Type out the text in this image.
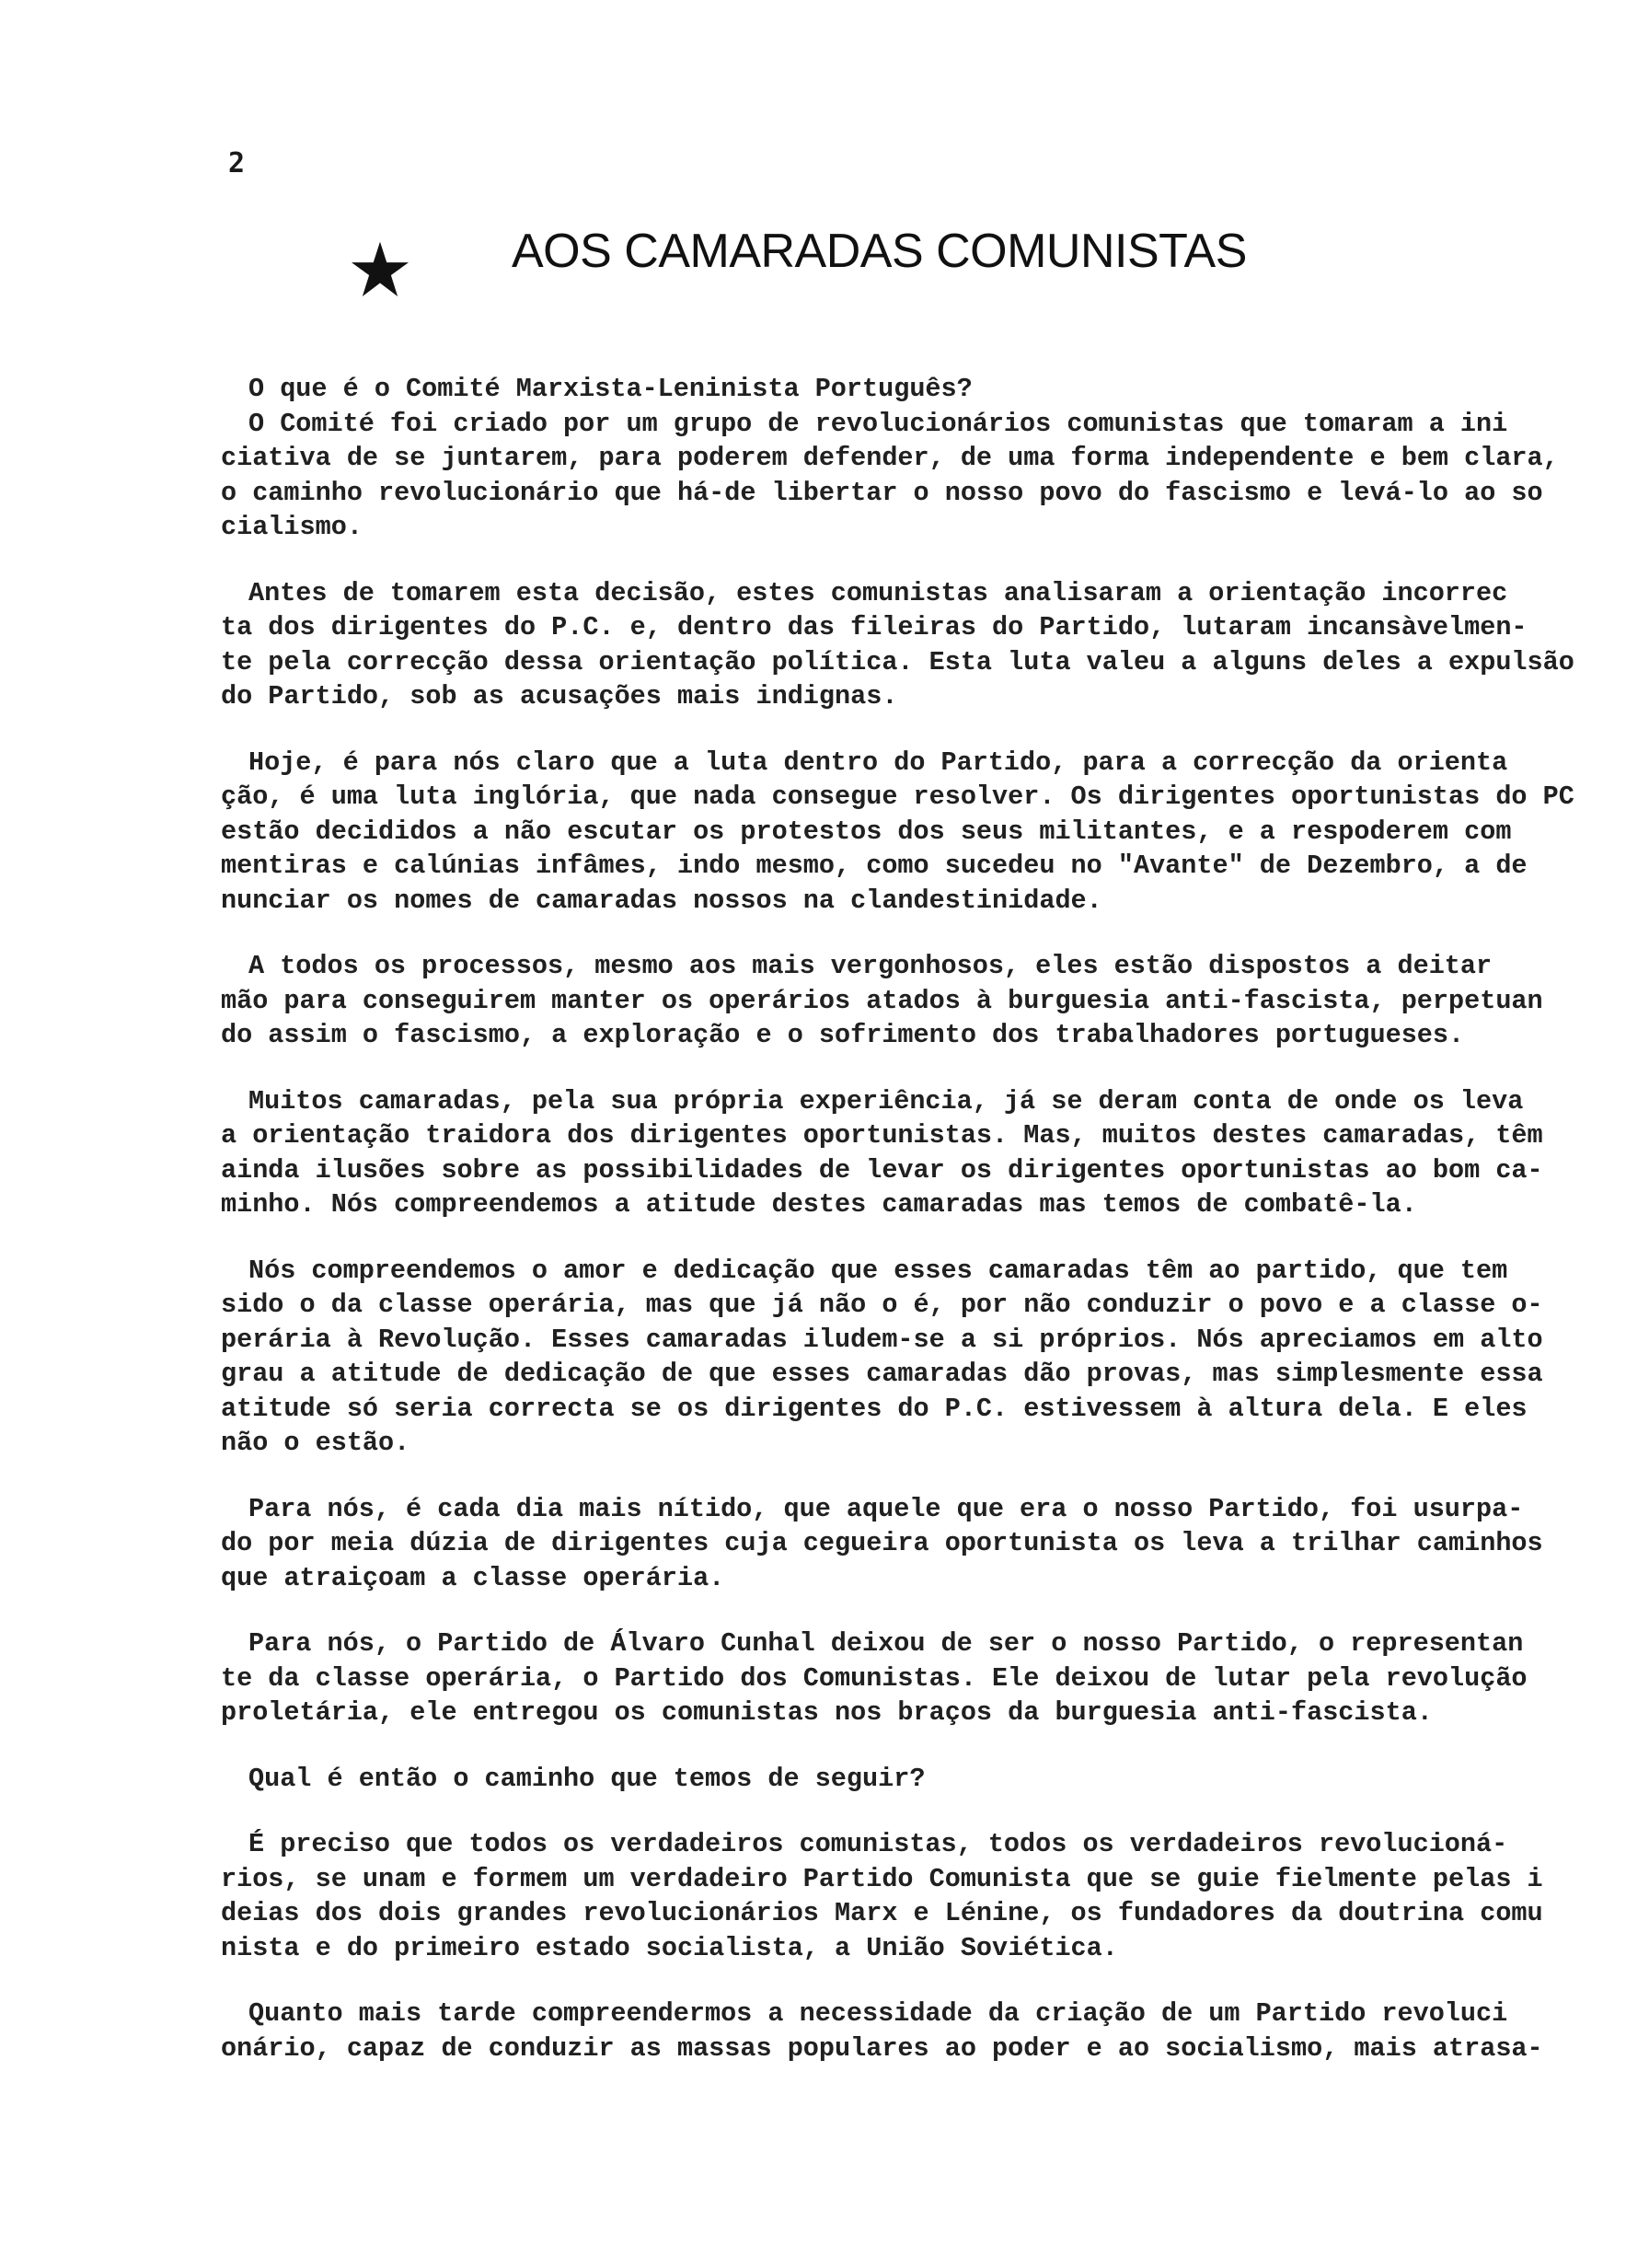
2
AOS CAMARADAS COMUNISTAS
O que é o Comité Marxista-Leninista Português?
O Comité foi criado por um grupo de revolucionários comunistas que tomaram a ini
ciativa de se juntarem, para poderem defender, de uma forma independente e bem clara,
o caminho revolucionário que há-de libertar o nosso povo do fascismo e levá-lo ao so
cialismo.
Antes de tomarem esta decisão, estes comunistas analisaram a orientação incorrec
ta dos dirigentes do P.C. e, dentro das fileiras do Partido, lutaram incansàvelmen-
te pela correcção dessa orientação política. Esta luta valeu a alguns deles a expulsão
do Partido, sob as acusações mais indignas.
Hoje, é para nós claro que a luta dentro do Partido, para a correcção da orienta
ção, é uma luta inglória, que nada consegue resolver. Os dirigentes oportunistas do PC
estão decididos a não escutar os protestos dos seus militantes, e a respoderem com
mentiras e calúnias infâmes, indo mesmo, como sucedeu no "Avante" de Dezembro, a de
nunciar os nomes de camaradas nossos na clandestinidade.
A todos os processos, mesmo aos mais vergonhosos, eles estão dispostos a deitar
mão para conseguirem manter os operários atados à burguesia anti-fascista, perpetuan
do assim o fascismo, a exploração e o sofrimento dos trabalhadores portugueses.
Muitos camaradas, pela sua própria experiência, já se deram conta de onde os leva
a orientação traidora dos dirigentes oportunistas. Mas, muitos destes camaradas, têm
ainda ilusões sobre as possibilidades de levar os dirigentes oportunistas ao bom ca-
minho. Nós compreendemos a atitude destes camaradas mas temos de combatê-la.
Nós compreendemos o amor e dedicação que esses camaradas têm ao partido, que tem
sido o da classe operária, mas que já não o é, por não conduzir o povo e a classe o-
perária à Revolução. Esses camaradas iludem-se a si próprios. Nós apreciamos em alto
grau a atitude de dedicação de que esses camaradas dão provas, mas simplesmente essa
atitude só seria correcta se os dirigentes do P.C. estivessem à altura dela. E eles
não o estão.
Para nós, é cada dia mais nítido, que aquele que era o nosso Partido, foi usurpa-
do por meia dúzia de dirigentes cuja cegueira oportunista os leva a trilhar caminhos
que atraiçoam a classe operária.
Para nós, o Partido de Álvaro Cunhal deixou de ser o nosso Partido, o representan
te da classe operária, o Partido dos Comunistas. Ele deixou de lutar pela revolução
proletária, ele entregou os comunistas nos braços da burguesia anti-fascista.
Qual é então o caminho que temos de seguir?
É preciso que todos os verdadeiros comunistas, todos os verdadeiros revolucioná-
rios, se unam e formem um verdadeiro Partido Comunista que se guie fielmente pelas i
deias dos dois grandes revolucionários Marx e Lénine, os fundadores da doutrina comu
nista e do primeiro estado socialista, a União Soviética.
Quanto mais tarde compreendermos a necessidade da criação de um Partido revoluci
onário, capaz de conduzir as massas populares ao poder e ao socialismo, mais atrasa-
